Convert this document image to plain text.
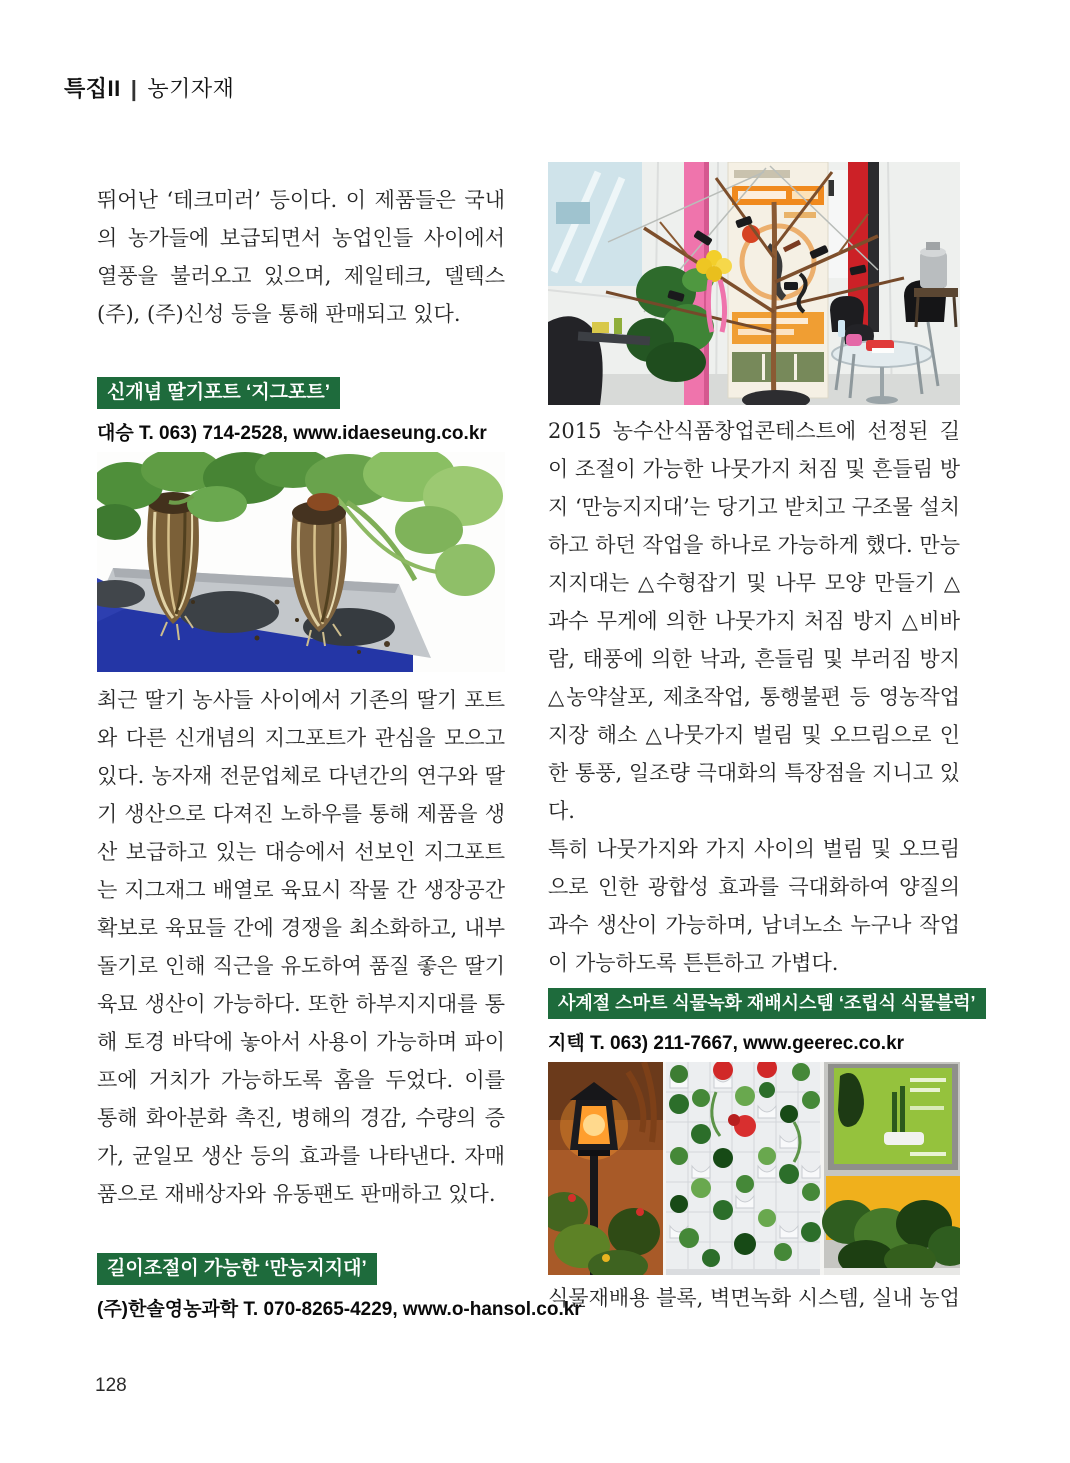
특집II | 농기자재

뛰어난 ‘테크미러’ 등이다. 이 제품들은 국내의 농가들에 보급되면서 농업인들 사이에서 열풍을 불러오고 있으며, 제일테크, 델텍스(주), (주)신성 등을 통해 판매되고 있다.

신개념 딸기포트 ‘지그포트’
대승 T. 063) 714-2528, www.idaeseung.co.kr

최근 딸기 농사들 사이에서 기존의 딸기 포트와 다른 신개념의 지그포트가 관심을 모으고 있다. 농자재 전문업체로 다년간의 연구와 딸기 생산으로 다져진 노하우를 통해 제품을 생산 보급하고 있는 대승에서 선보인 지그포트는 지그재그 배열로 육묘시 작물 간 생장공간 확보로 육묘들 간에 경쟁을 최소화하고, 내부돌기로 인해 직근을 유도하여 품질 좋은 딸기육묘 생산이 가능하다. 또한 하부지지대를 통해 토경 바닥에 놓아서 사용이 가능하며 파이프에 거치가 가능하도록 홈을 두었다. 이를 통해 화아분화 촉진, 병해의 경감, 수량의 증가, 균일모 생산 등의 효과를 나타낸다. 자매품으로 재배상자와 유동팬도 판매하고 있다.

길이조절이 가능한 ‘만능지지대’
(주)한솔영농과학 T. 070-8265-4229, www.o-hansol.co.kr
128

2015 농수산식품창업콘테스트에 선정된 길이 조절이 가능한 나뭇가지 처짐 및 흔들림 방지 ‘만능지지대’는 당기고 받치고 구조물 설치하고 하던 작업을 하나로 가능하게 했다. 만능지지대는 △수형잡기 및 나무 모양 만들기 △과수 무게에 의한 나뭇가지 처짐 방지 △비바람, 태풍에 의한 낙과, 흔들림 및 부러짐 방지 △농약살포, 제초작업, 통행불편 등 영농작업 지장 해소 △나뭇가지 벌림 및 오므림으로 인한 통풍, 일조량 극대화의 특장점을 지니고 있다.

특히 나뭇가지와 가지 사이의 벌림 및 오므림으로 인한 광합성 효과를 극대화하여 양질의 과수 생산이 가능하며, 남녀노소 누구나 작업이 가능하도록 튼튼하고 가볍다.

사계절 스마트 식물녹화 재배시스템 ‘조립식 식물블럭’
지텍 T. 063) 211-7667, www.geerec.co.kr

식물재배용 블록, 벽면녹화 시스템, 실내 농업
